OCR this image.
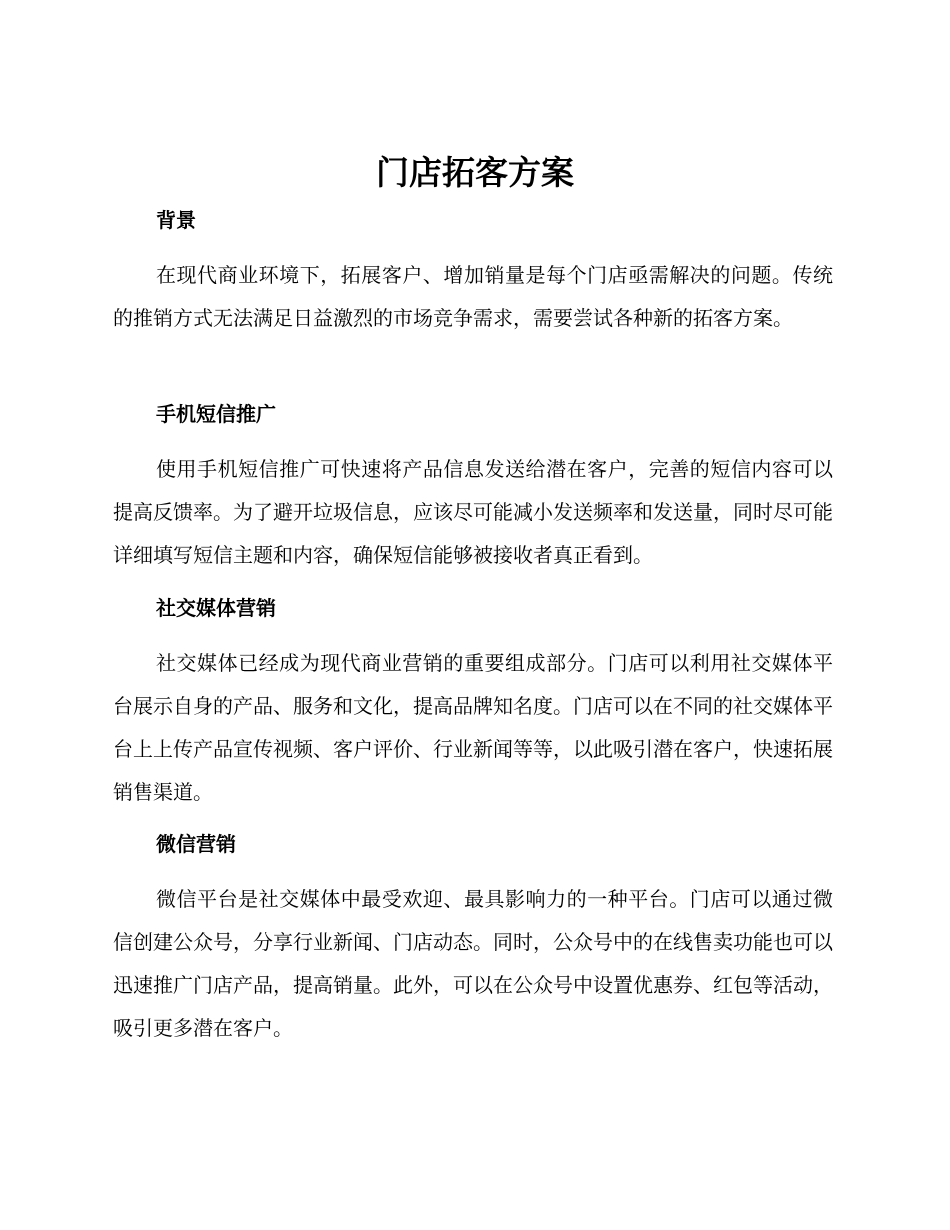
门店拓客方案
背景

在现代商业环境下，拓展客户、增加销量是每个门店亟需解决的问题。传统的推销方式无法满足日益激烈的市场竞争需求，需要尝试各种新的拓客方案。

手机短信推广

使用手机短信推广可快速将产品信息发送给潜在客户，完善的短信内容可以提高反馈率。为了避开垃圾信息，应该尽可能减小发送频率和发送量，同时尽可能详细填写短信主题和内容，确保短信能够被接收者真正看到。

社交媒体营销

社交媒体已经成为现代商业营销的重要组成部分。门店可以利用社交媒体平台展示自身的产品、服务和文化，提高品牌知名度。门店可以在不同的社交媒体平台上上传产品宣传视频、客户评价、行业新闻等等，以此吸引潜在客户，快速拓展销售渠道。

微信营销

微信平台是社交媒体中最受欢迎、最具影响力的一种平台。门店可以通过微信创建公众号，分享行业新闻、门店动态。同时，公众号中的在线售卖功能也可以迅速推广门店产品，提高销量。此外，可以在公众号中设置优惠券、红包等活动，吸引更多潜在客户。
